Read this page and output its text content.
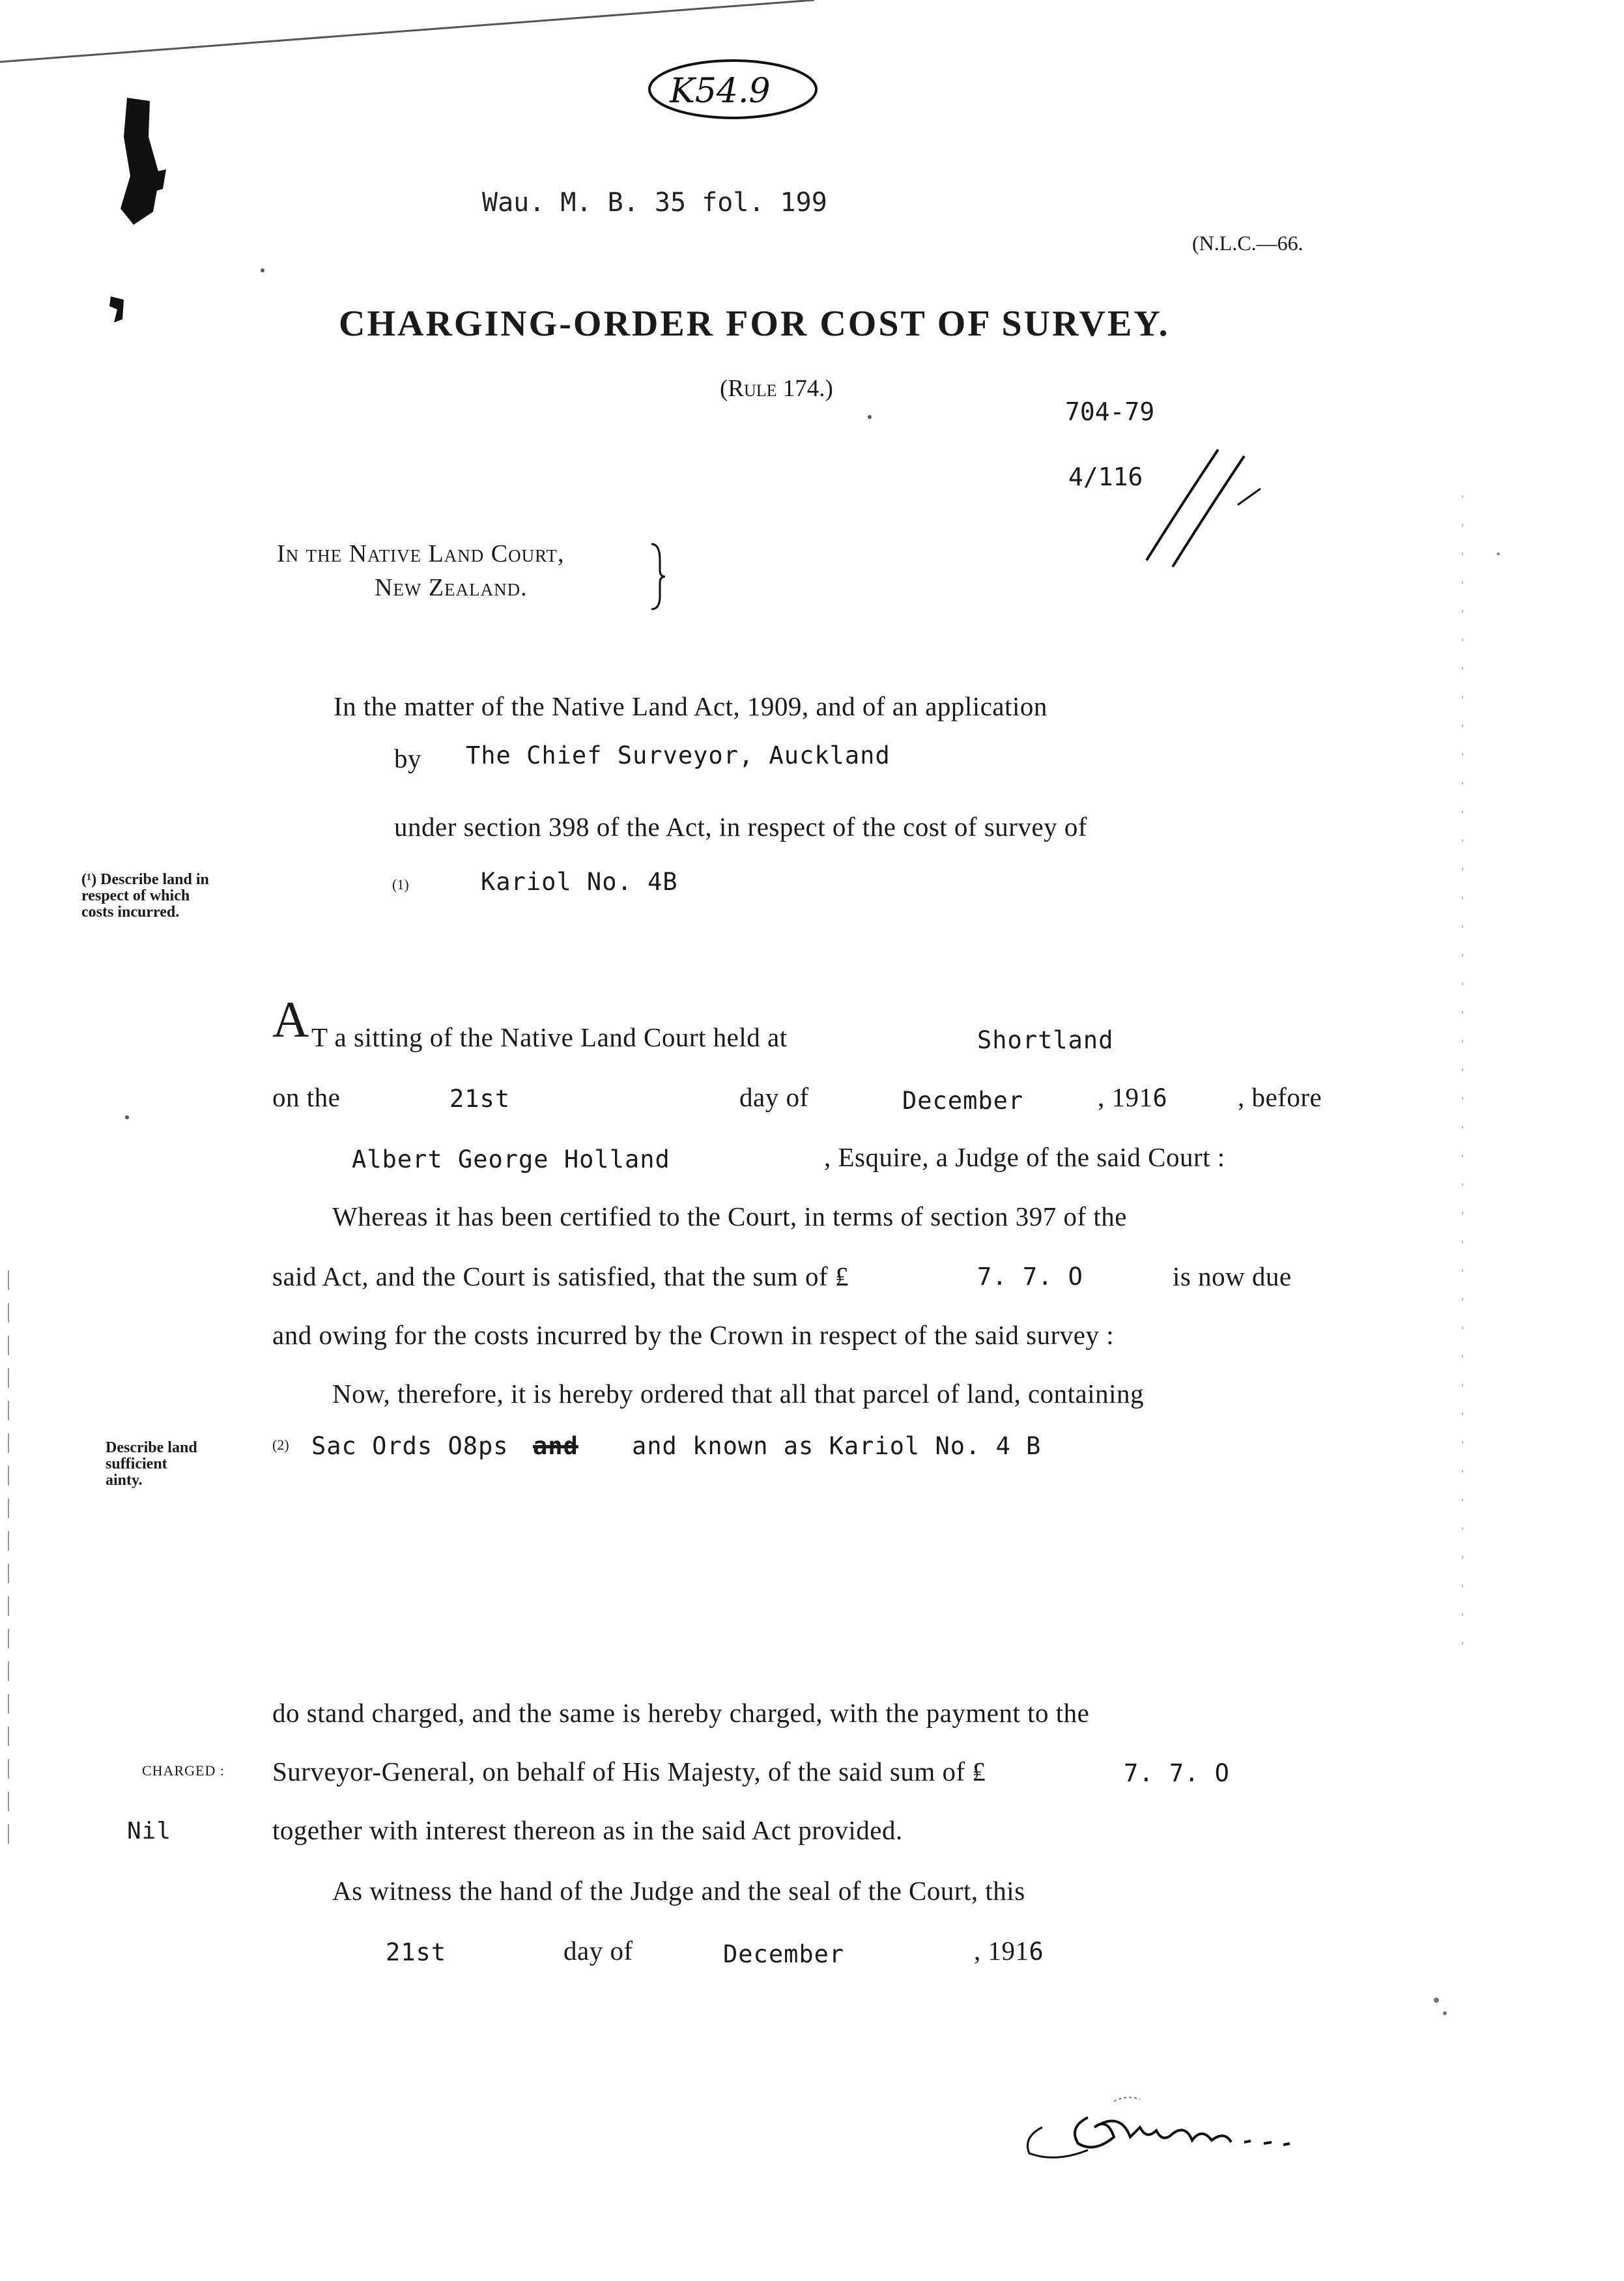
K54.9
Wau. M. B. 35 fol. 199
(N.L.C.—66.
CHARGING-ORDER FOR COST OF SURVEY.
(Rule 174.)
704-79
4/116
In the Native Land Court,
New Zealand.
In the matter of the Native Land Act, 1909, and of an application
by The Chief Surveyor, Auckland
under section 398 of the Act, in respect of the cost of survey of
(1)	Kariol No. 4B
(¹) Describe land in
respect of which
costs incurred.
A T a sitting of the Native Land Court held at	Shortland
on the	21st	day of	December	, 1916	, before
Albert George Holland	, Esquire, a Judge of the said Court :
Whereas it has been certified to the Court, in terms of section 397 of the
said Act, and the Court is satisfied, that the sum of ₤	7. 7. O	is now due
and owing for the costs incurred by the Crown in respect of the said survey :
Now, therefore, it is hereby ordered that all that parcel of land, containing
(2) Sac Ords O8ps and and known as Kariol No. 4 B
Describe land
sufficient
ainty.
do stand charged, and the same is hereby charged, with the payment to the
CHARGED : Surveyor-General, on behalf of His Majesty, of the said sum of ₤	7. 7. O
Nil	together with interest thereon as in the said Act provided.
As witness the hand of the Judge and the seal of the Court, this
21st	day of	December	, 1916
